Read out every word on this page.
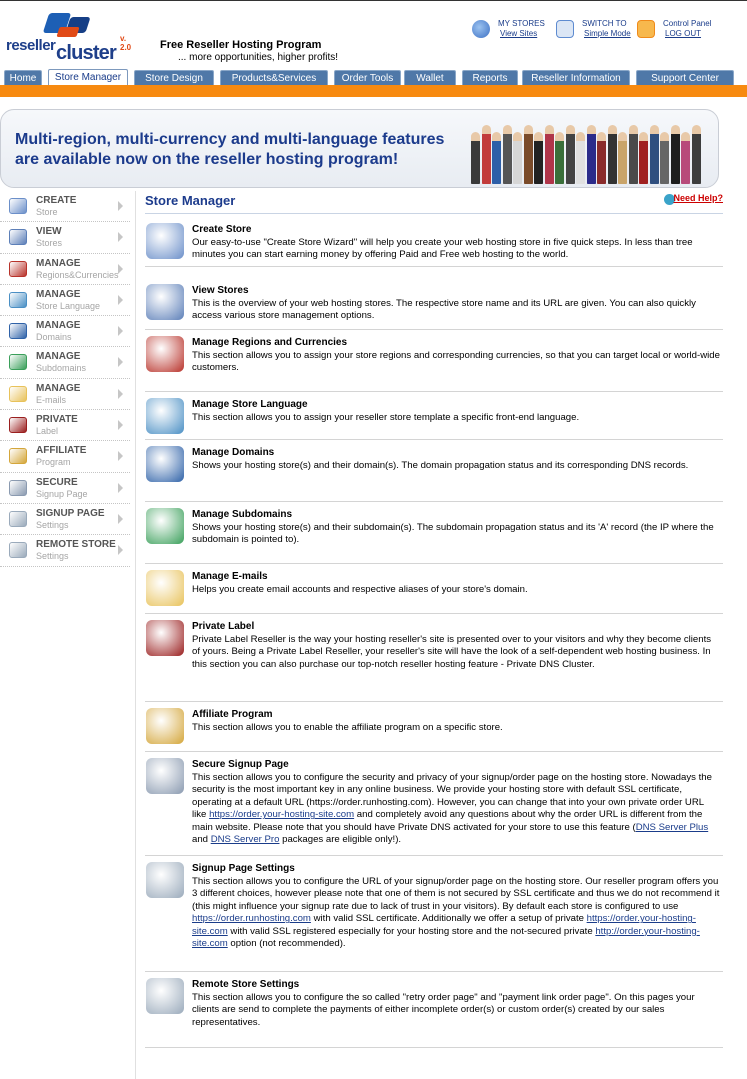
reseller cluster
v. 2.0	Free Reseller Hosting Program
... more opportunities, higher profits!
MY STORES
View Sites
SWITCH TO
Simple Mode
Control Panel
LOG OUT
Home	Store Manager	Store Design	Products&Services	Order Tools	Wallet	Reports	Reseller Information	Support Center
Multi-region, multi-currency and multi-language features are available now on the reseller hosting program!
CREATE
Store
VIEW
Stores
MANAGE
Regions&Currencies
MANAGE
Store Language
MANAGE
Domains
MANAGE
Subdomains
MANAGE
E-mails
PRIVATE
Label
AFFILIATE
Program
SECURE
Signup Page
SIGNUP PAGE
Settings
REMOTE STORE
Settings
Store Manager	Need Help?
Create Store
Our easy-to-use "Create Store Wizard" will help you create your web hosting store in five quick steps. In less than tree minutes you can start earning money by offering Paid and Free web hosting to the world.
View Stores
This is the overview of your web hosting stores. The respective store name and its URL are given. You can also quickly access various store management options.
Manage Regions and Currencies
This section allows you to assign your store regions and corresponding currencies, so that you can target local or world-wide customers.
Manage Store Language
This section allows you to assign your reseller store template a specific front-end language.
Manage Domains
Shows your hosting store(s) and their domain(s). The domain propagation status and its corresponding DNS records.
Manage Subdomains
Shows your hosting store(s) and their subdomain(s). The subdomain propagation status and its 'A' record (the IP where the subdomain is pointed to).
Manage E-mails
Helps you create email accounts and respective aliases of your store's domain.
Private Label
Private Label Reseller is the way your hosting reseller's site is presented over to your visitors and why they become clients of yours. Being a Private Label Reseller, your reseller's site will have the look of a self-dependent web hosting business. In this section you can also purchase our top-notch reseller hosting feature - Private DNS Cluster.
Affiliate Program
This section allows you to enable the affiliate program on a specific store.
Secure Signup Page
This section allows you to configure the security and privacy of your signup/order page on the hosting store. Nowadays the security is the most important key in any online business. We provide your hosting store with default SSL certificate, operating at a default URL (https://order.runhosting.com). However, you can change that into your own private order URL like https://order.your-hosting-site.com and completely avoid any questions about why the order URL is different from the main website. Please note that you should have Private DNS activated for your store to use this feature (DNS Server Plus and DNS Server Pro packages are eligible only!).
Signup Page Settings
This section allows you to configure the URL of your signup/order page on the hosting store. Our reseller program offers you 3 different choices, however please note that one of them is not secured by SSL certificate and thus we do not recommend it (this might influence your signup rate due to lack of trust in your visitors). By default each store is configured to use https://order.runhosting.com with valid SSL certificate. Additionally we offer a setup of private https://order.your-hosting-site.com with valid SSL registered especially for your hosting store and the not-secured private http://order.your-hosting-site.com option (not recommended).
Remote Store Settings
This section allows you to configure the so called "retry order page" and "payment link order page". On this pages your clients are send to complete the payments of either incomplete order(s) or custom order(s) created by our sales representatives.
